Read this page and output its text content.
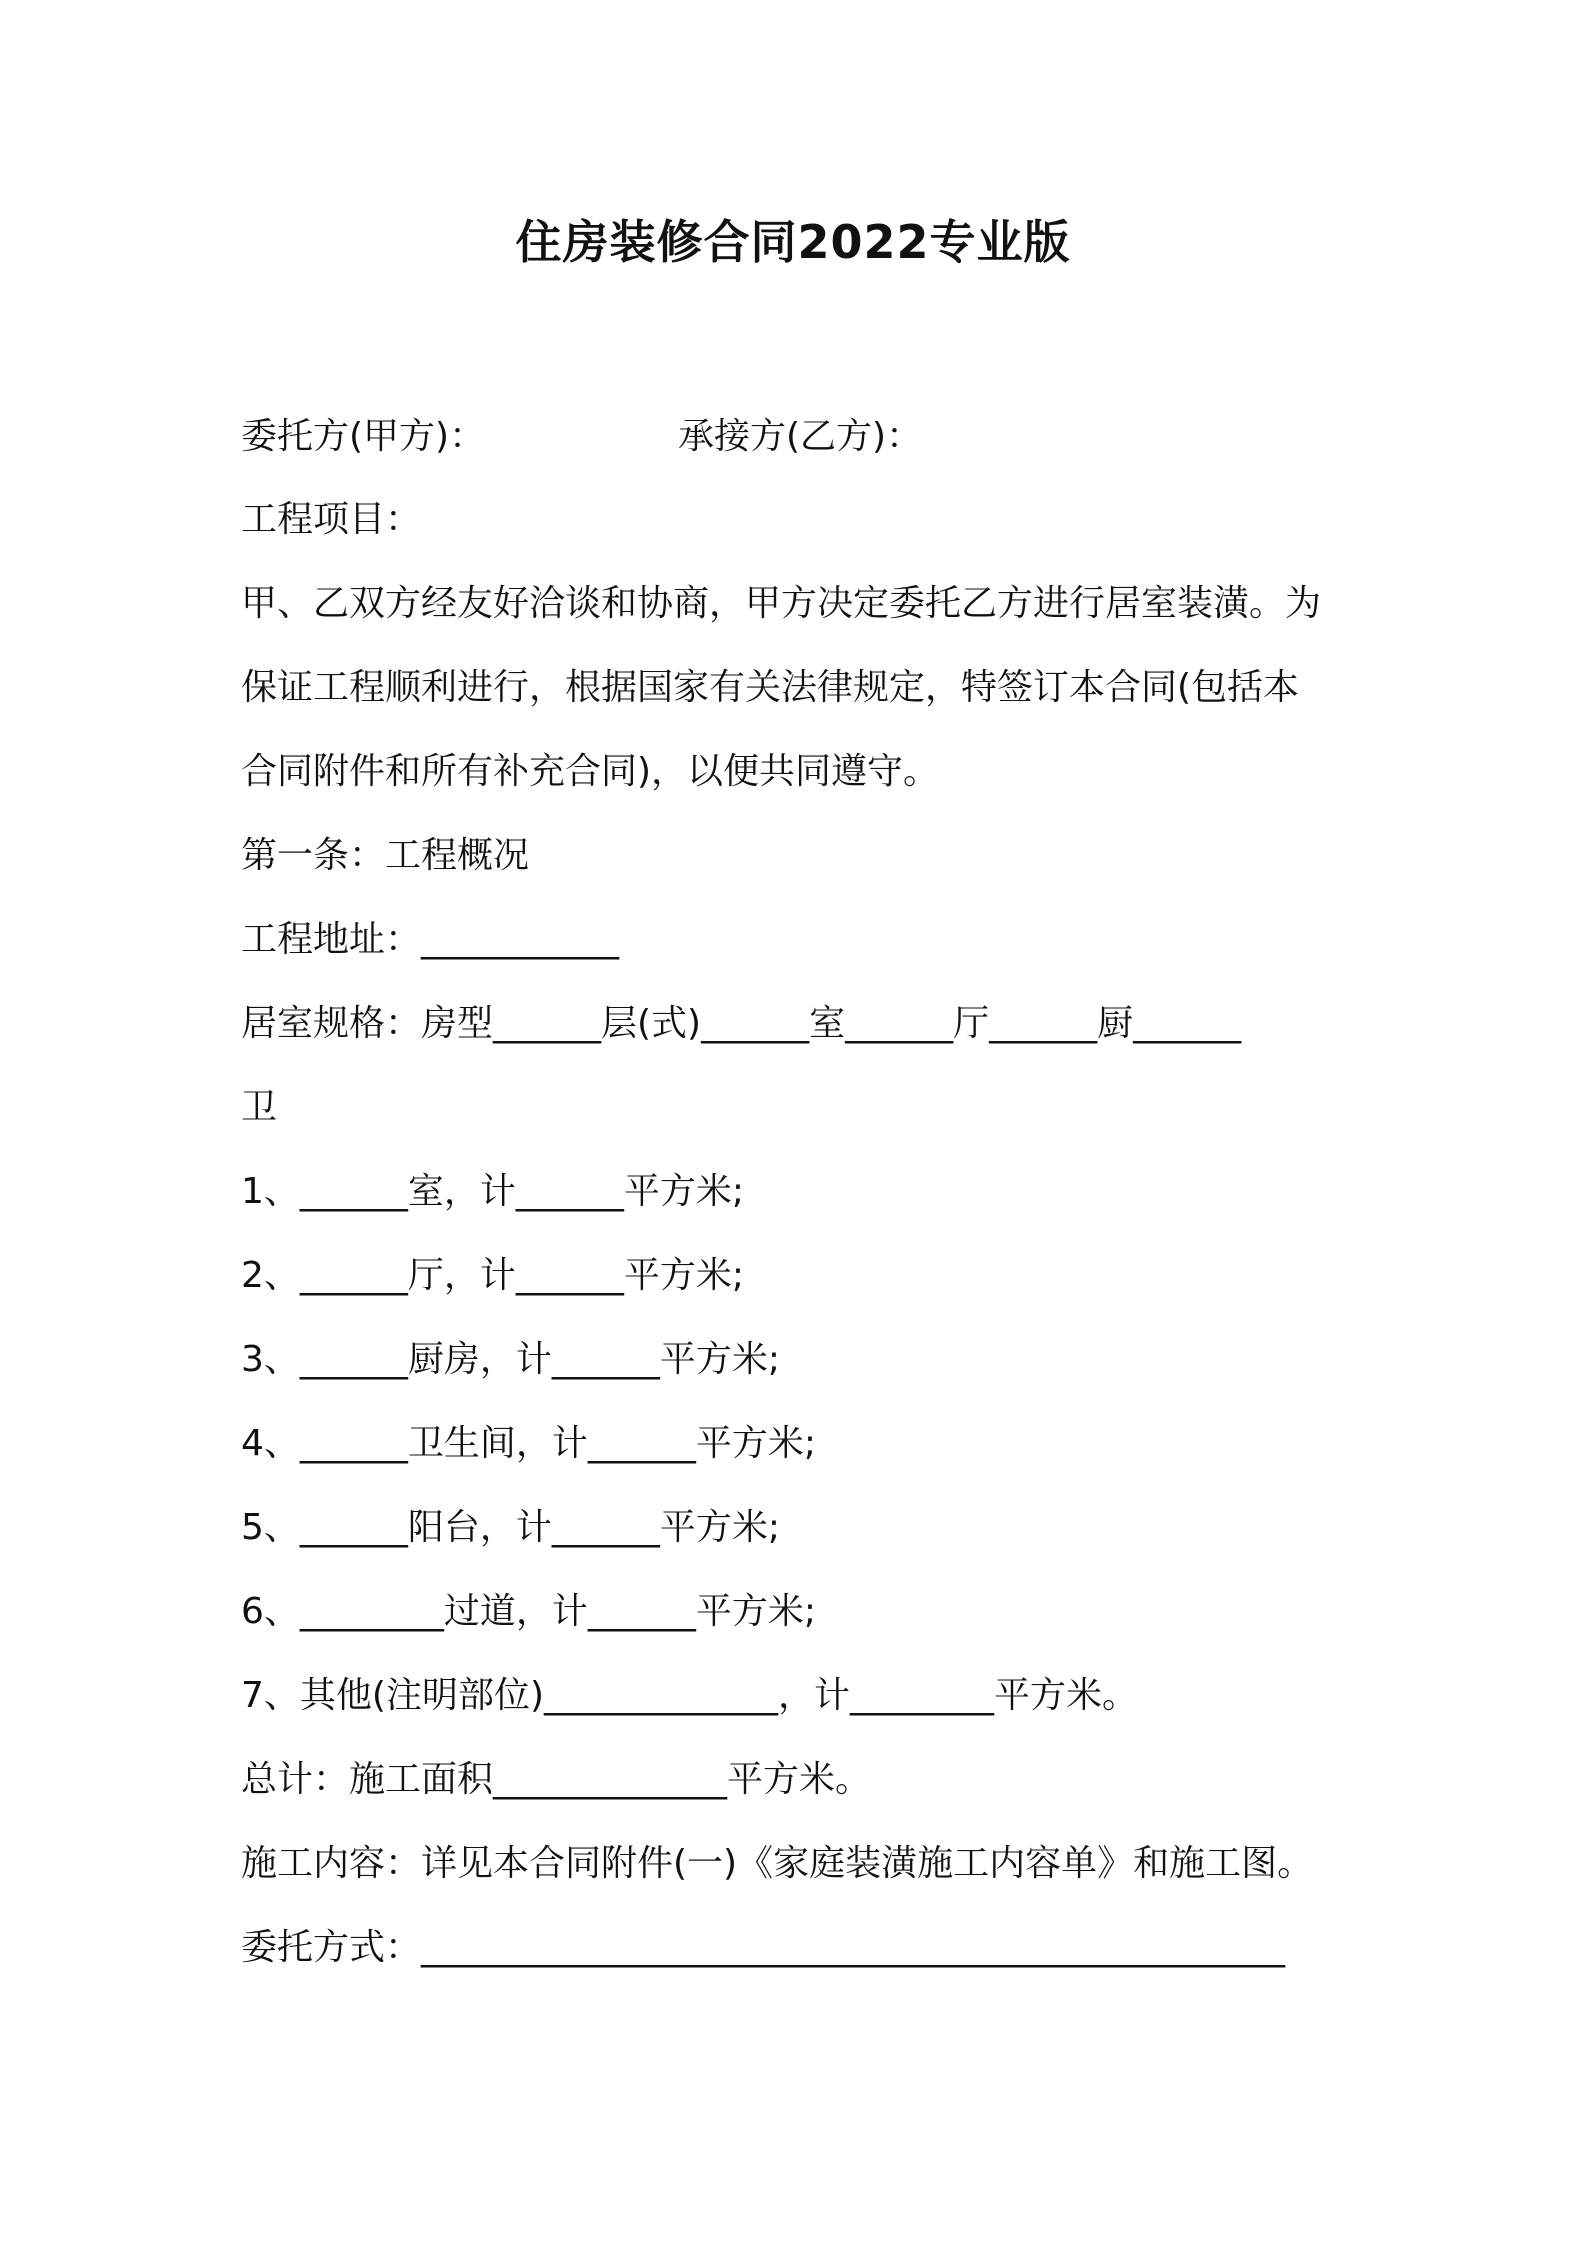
住房装修合同2022专业版
委托方(甲方)：	承接方(乙方)：
工程项目：
甲、乙双方经友好洽谈和协商，甲方决定委托乙方进行居室装潢。为
保证工程顺利进行，根据国家有关法律规定，特签订本合同(包括本
合同附件和所有补充合同)，以便共同遵守。
第一条：工程概况
工程地址：___________
居室规格：房型______层(式)______室______厅______厨______
卫
1、______室，计______平方米;
2、______厅，计______平方米;
3、______厨房，计______平方米;
4、______卫生间，计______平方米;
5、______阳台，计______平方米;
6、________过道，计______平方米;
7、其他(注明部位)_____________，计________平方米。
总计：施工面积_____________平方米。
施工内容：详见本合同附件(一)《家庭装潢施工内容单》和施工图。
委托方式：________________________________________________
